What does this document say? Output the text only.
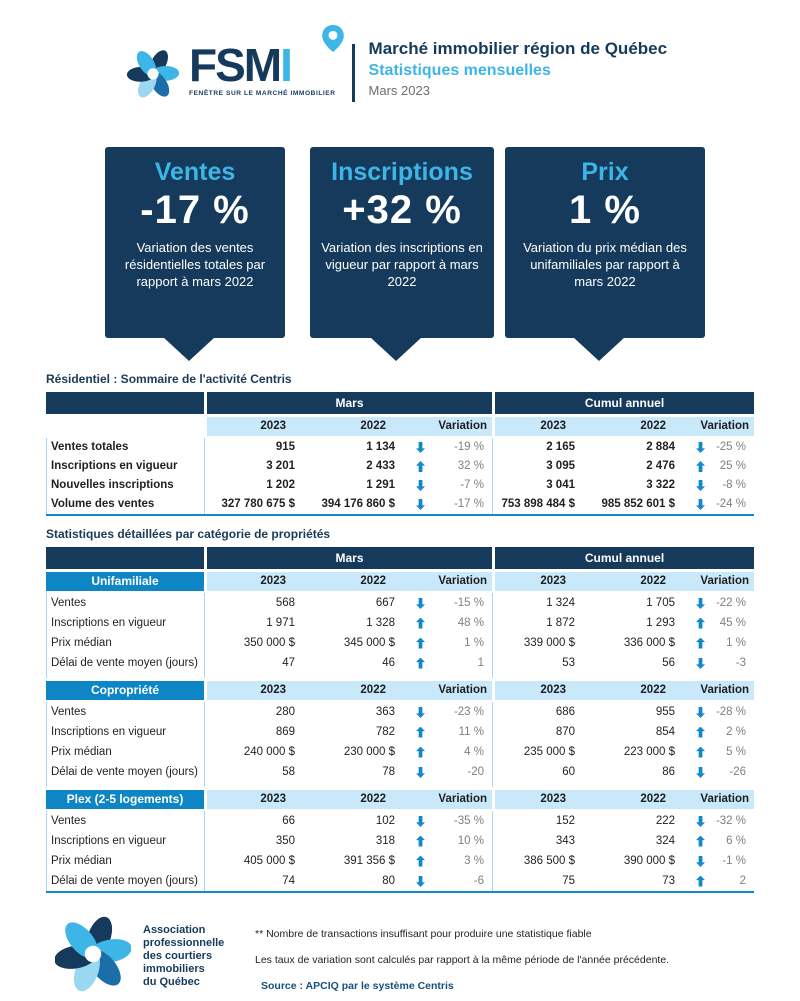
FSMI
FENÊTRE SUR LE MARCHÉ IMMOBILIER
Marché immobilier région de Québec
Statistiques mensuelles
Mars 2023
Ventes
-17 %
Variation des ventes résidentielles totales par rapport à mars 2022
Inscriptions
+32 %
Variation des inscriptions en vigueur par rapport à mars 2022
Prix
1 %
Variation du prix médian des unifamiliales par rapport à mars 2022
Résidentiel : Sommaire de l'activité Centris
Mars	Cumul annuel
2023	2022	Variation	2023	2022	Variation
Ventes totales	915	1 134	-19 %	2 165	2 884	-25 %
Inscriptions en vigueur	3 201	2 433	32 %	3 095	2 476	25 %
Nouvelles inscriptions	1 202	1 291	-7 %	3 041	3 322	-8 %
Volume des ventes	327 780 675 $	394 176 860 $	-17 %	753 898 484 $	985 852 601 $	-24 %
Statistiques détaillées par catégorie de propriétés
Mars	Cumul annuel
Unifamiliale	2023	2022	Variation	2023	2022	Variation
Ventes	568	667	-15 %	1 324	1 705	-22 %
Inscriptions en vigueur	1 971	1 328	48 %	1 872	1 293	45 %
Prix médian	350 000 $	345 000 $	1 %	339 000 $	336 000 $	1 %
Délai de vente moyen (jours)	47	46	1	53	56	-3
Copropriété	2023	2022	Variation	2023	2022	Variation
Ventes	280	363	-23 %	686	955	-28 %
Inscriptions en vigueur	869	782	11 %	870	854	2 %
Prix médian	240 000 $	230 000 $	4 %	235 000 $	223 000 $	5 %
Délai de vente moyen (jours)	58	78	-20	60	86	-26
Plex (2-5 logements)	2023	2022	Variation	2023	2022	Variation
Ventes	66	102	-35 %	152	222	-32 %
Inscriptions en vigueur	350	318	10 %	343	324	6 %
Prix médian	405 000 $	391 356 $	3 %	386 500 $	390 000 $	-1 %
Délai de vente moyen (jours)	74	80	-6	75	73	2
Association
professionnelle
des courtiers
immobiliers
du Québec
** Nombre de transactions insuffisant pour produire une statistique fiable
Les taux de variation sont calculés par rapport à la même période de l'année précédente.
Source : APCIQ par le système Centris
